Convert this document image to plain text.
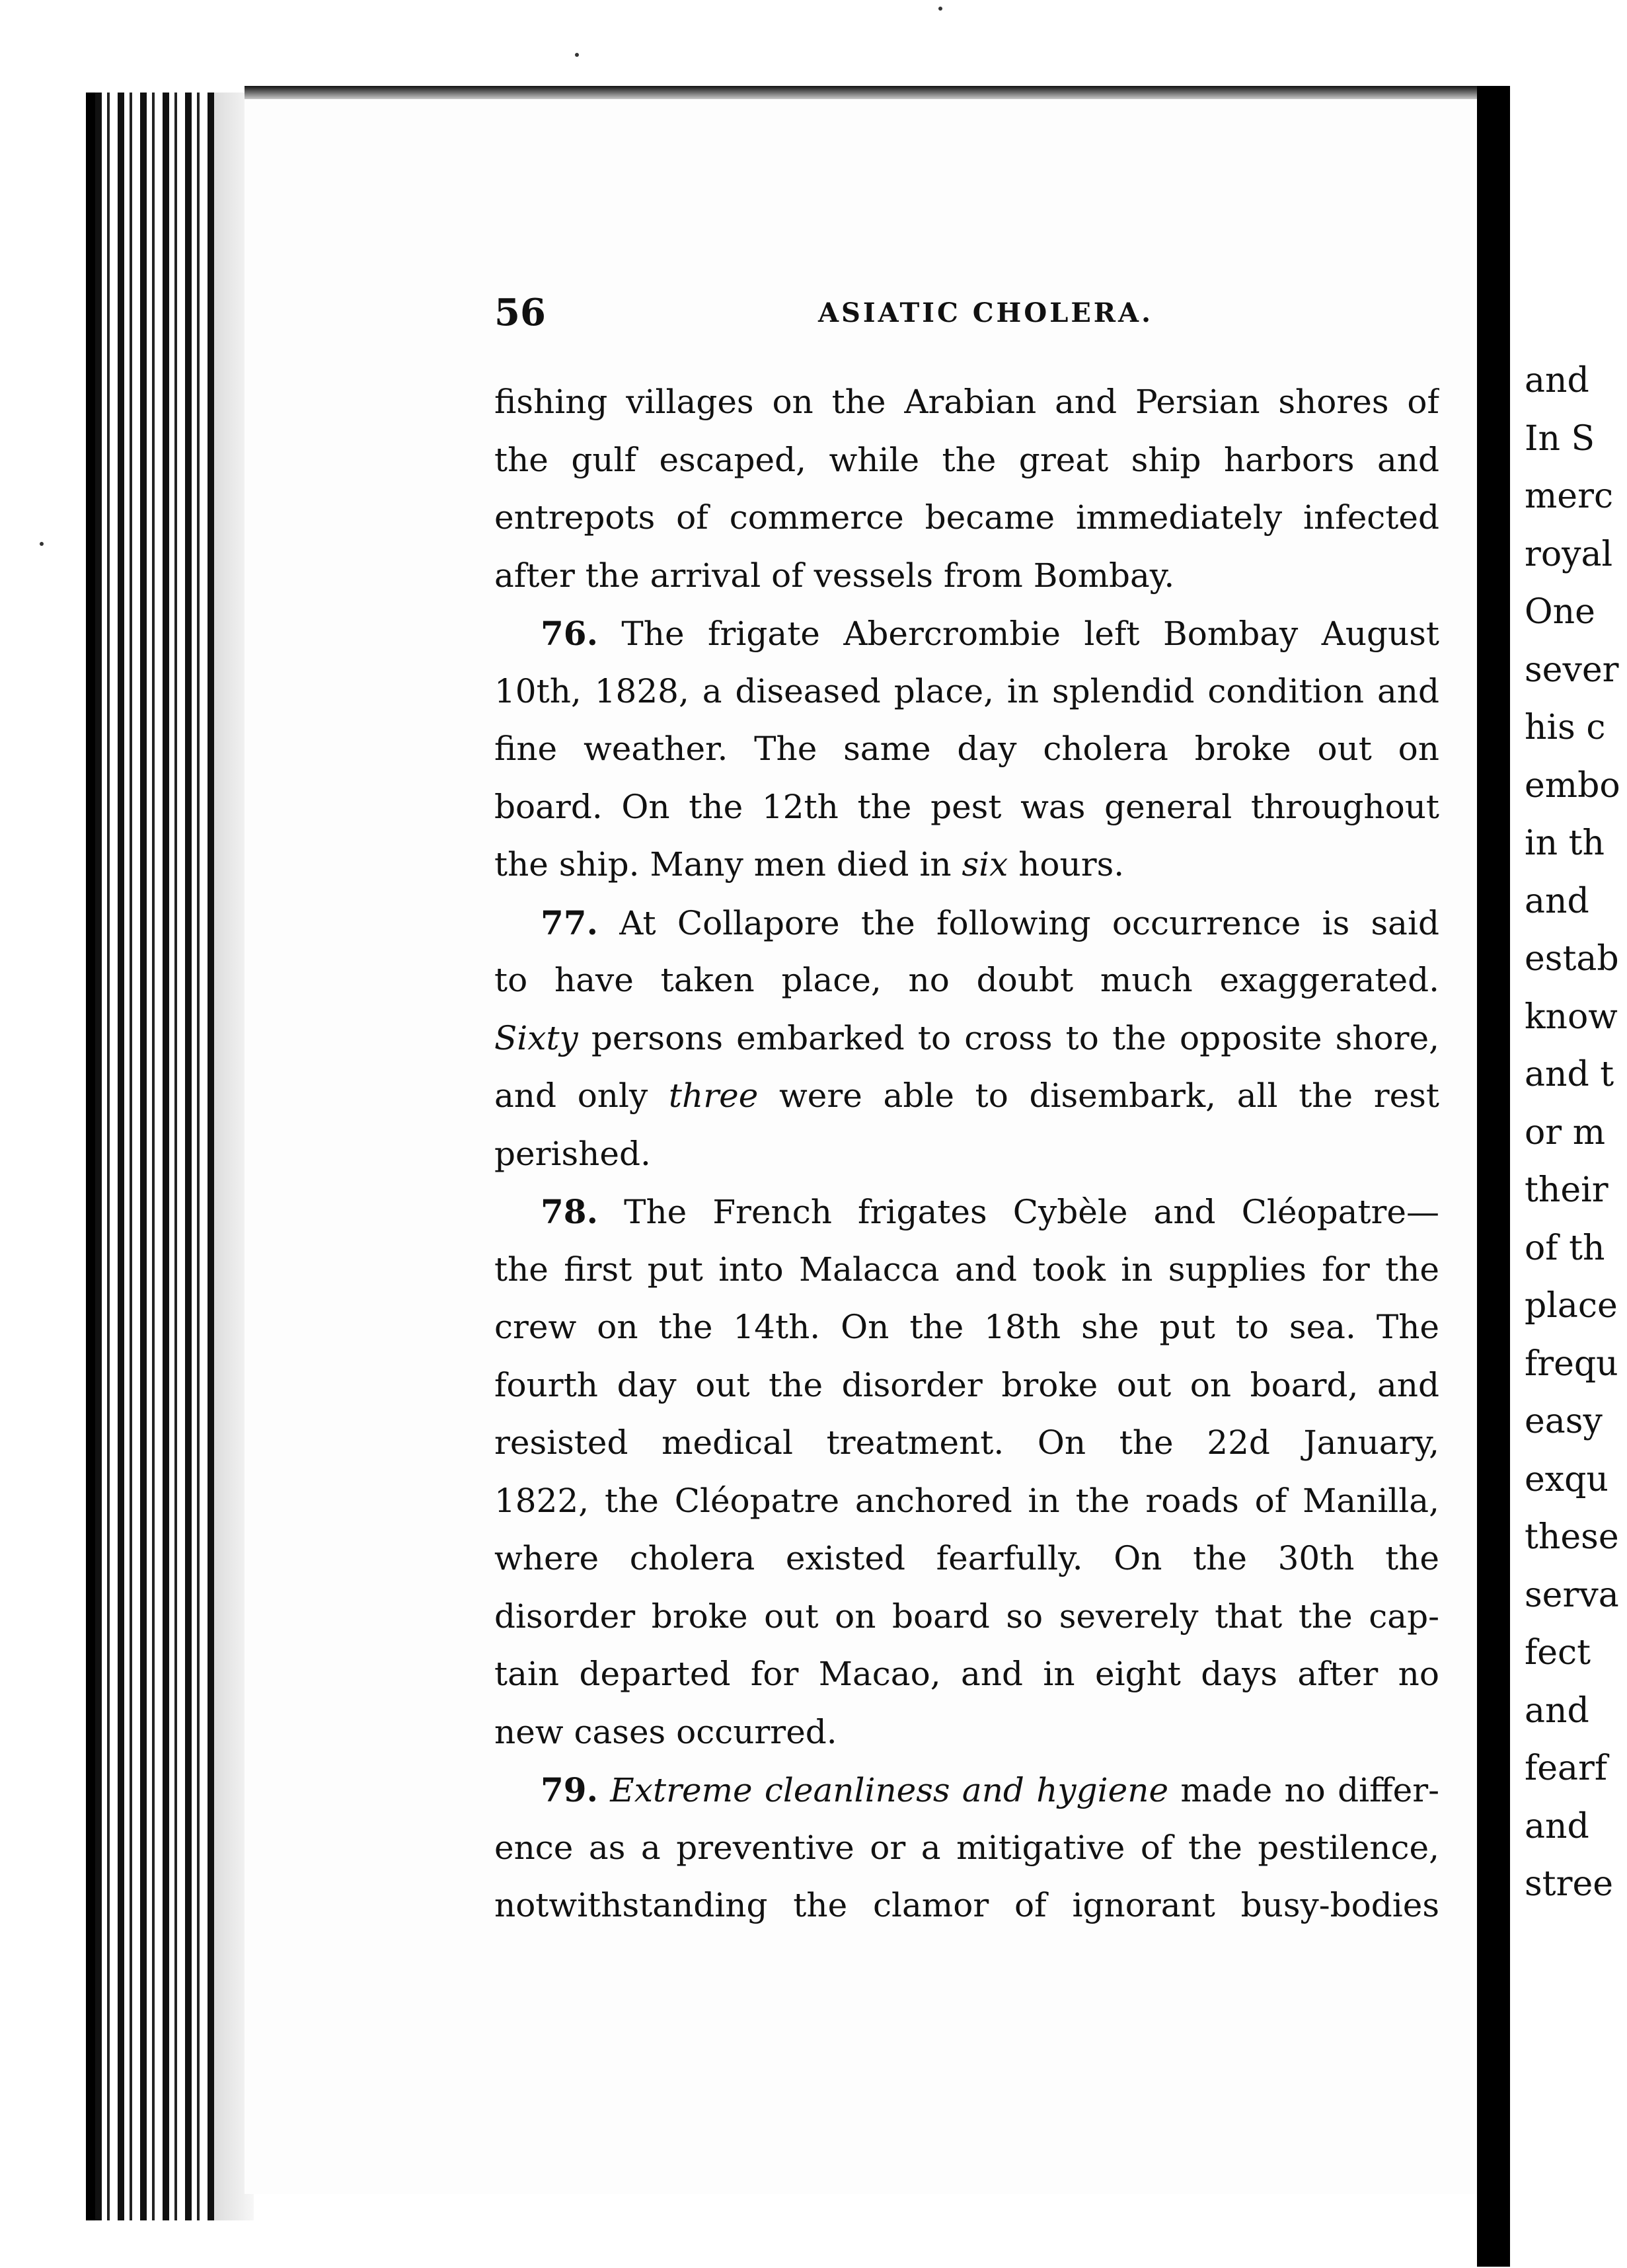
and
In S
merc
royal
One
sever
his c
embo
in th
and
estab
know
and t
or m
their
of th
place
frequ
easy
exqu
these
serva
fect
and
fearf
and
stree
56	ASIATIC CHOLERA.
fishing villages on the Arabian and Persian shores of
the gulf escaped, while the great ship harbors and
entrepots of commerce became immediately infected
after the arrival of vessels from Bombay.
76. The frigate Abercrombie left Bombay August
10th, 1828, a diseased place, in splendid condition and
fine weather. The same day cholera broke out on
board. On the 12th the pest was general throughout
the ship. Many men died in six hours.
77. At Collapore the following occurrence is said
to have taken place, no doubt much exaggerated.
Sixty persons embarked to cross to the opposite shore,
and only three were able to disembark, all the rest
perished.
78. The French frigates Cybèle and Cléopatre—
the first put into Malacca and took in supplies for the
crew on the 14th. On the 18th she put to sea. The
fourth day out the disorder broke out on board, and
resisted medical treatment. On the 22d January,
1822, the Cléopatre anchored in the roads of Manilla,
where cholera existed fearfully. On the 30th the
disorder broke out on board so severely that the cap-
tain departed for Macao, and in eight days after no
new cases occurred.
79. Extreme cleanliness and hygiene made no differ-
ence as a preventive or a mitigative of the pestilence,
notwithstanding the clamor of ignorant busy-bodies
